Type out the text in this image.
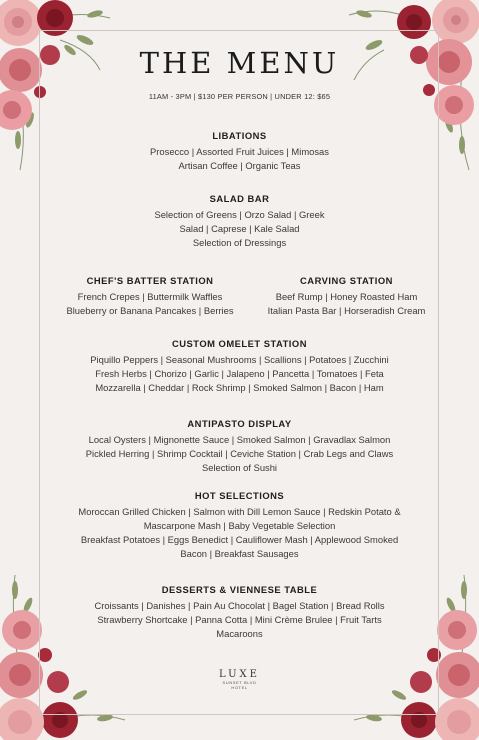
THE MENU
11AM - 3PM | $130 PER PERSON | UNDER 12: $65
LIBATIONS
Prosecco | Assorted Fruit Juices | Mimosas
Artisan Coffee | Organic Teas
SALAD BAR
Selection of Greens | Orzo Salad | Greek
Salad | Caprese | Kale Salad
Selection of Dressings
CHEF'S BATTER STATION
French Crepes | Buttermilk Waffles
Blueberry or Banana Pancakes | Berries
CARVING STATION
Beef Rump | Honey Roasted Ham
Italian Pasta Bar | Horseradish Cream
CUSTOM OMELET STATION
Piquillo Peppers | Seasonal Mushrooms | Scallions | Potatoes | Zucchini
Fresh Herbs | Chorizo | Garlic | Jalapeno | Pancetta | Tomatoes | Feta
Mozzarella | Cheddar | Rock Shrimp | Smoked Salmon | Bacon | Ham
ANTIPASTO DISPLAY
Local Oysters | Mignonette Sauce | Smoked Salmon | Gravadlax Salmon
Pickled Herring | Shrimp Cocktail | Ceviche Station | Crab Legs and Claws
Selection of Sushi
HOT SELECTIONS
Moroccan Grilled Chicken | Salmon with Dill Lemon Sauce | Redskin Potato &
Mascarpone Mash | Baby Vegetable Selection
Breakfast Potatoes | Eggs Benedict | Cauliflower Mash | Applewood Smoked
Bacon | Breakfast Sausages
DESSERTS & VIENNESE TABLE
Croissants | Danishes | Pain Au Chocolat | Bagel Station | Bread Rolls
Strawberry Shortcake | Panna Cotta | Mini Crème Brulee | Fruit Tarts
Macaroons
LUXE
SUNSET BLVD
HOTEL
